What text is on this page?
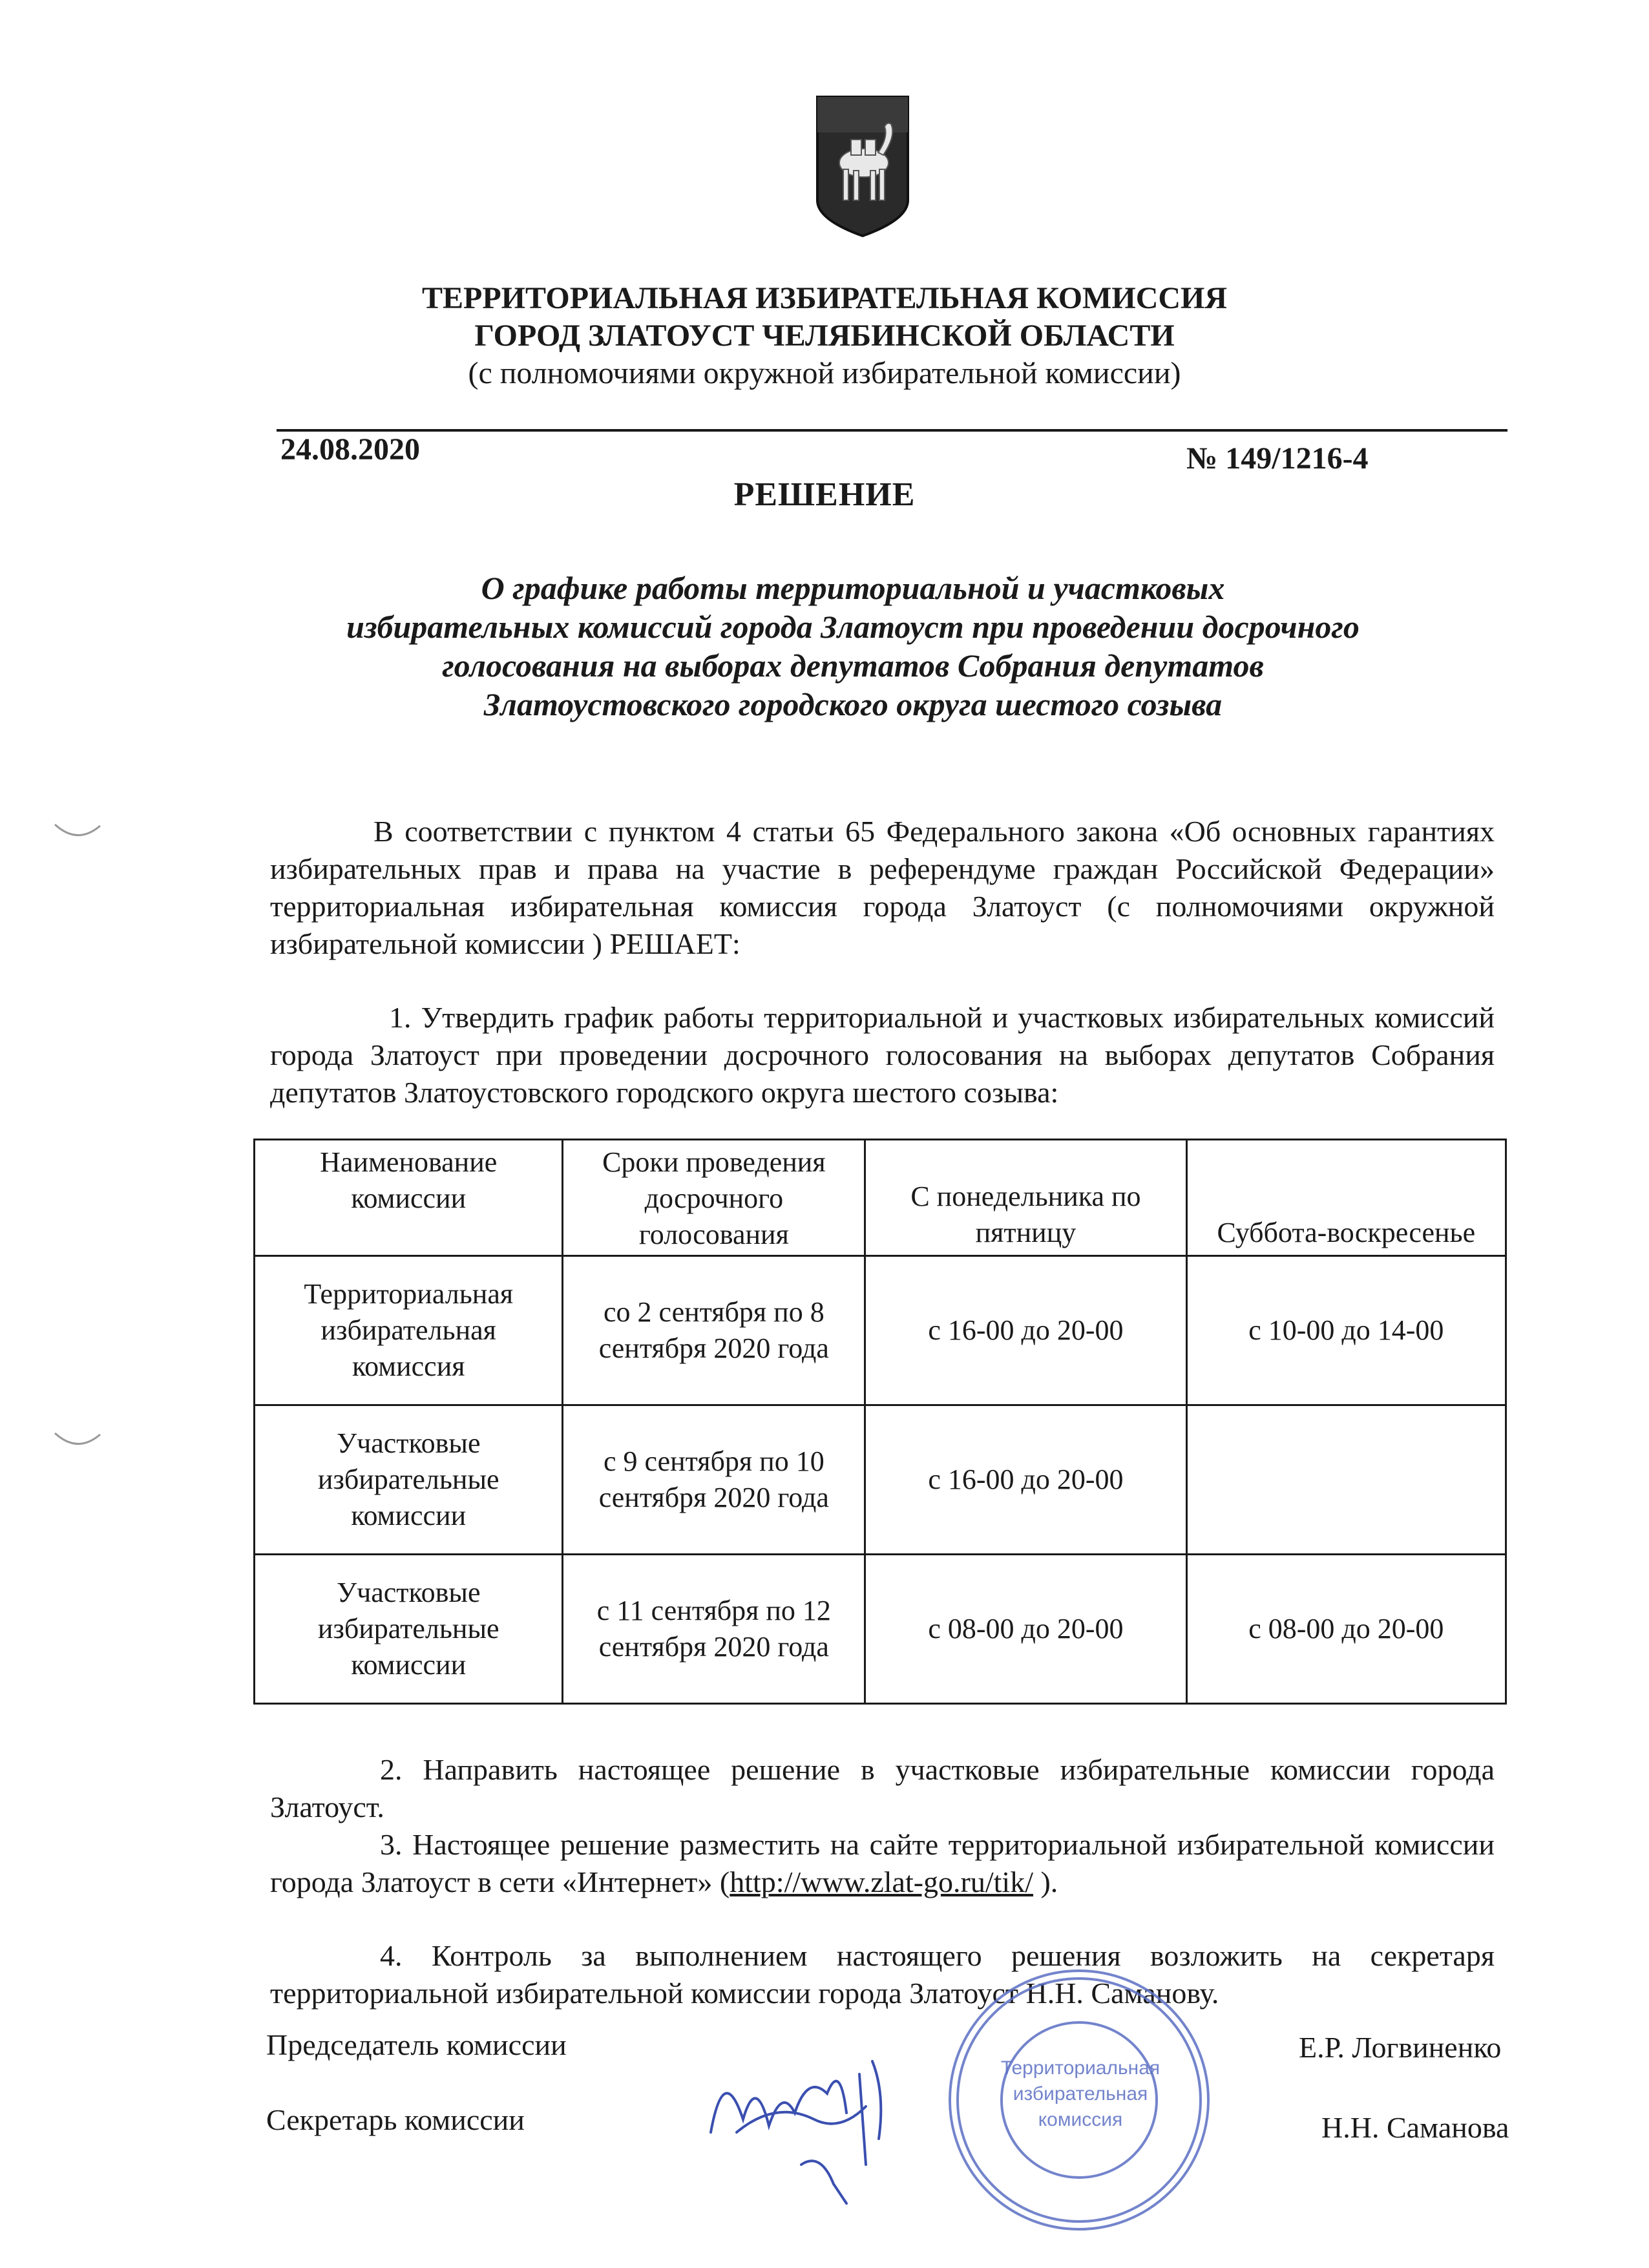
ТЕРРИТОРИАЛЬНАЯ ИЗБИРАТЕЛЬНАЯ КОМИССИЯ
ГОРОД ЗЛАТОУСТ ЧЕЛЯБИНСКОЙ ОБЛАСТИ
(с полномочиями окружной избирательной комиссии)
24.08.2020	№ 149/1216-4
РЕШЕНИЕ
О графике работы территориальной и участковых
избирательных комиссий города Златоуст при проведении досрочного
голосования на выборах депутатов Собрания депутатов
Златоустовского городского округа шестого созыва
В соответствии с пунктом 4 статьи 65 Федерального закона «Об основных гарантиях избирательных прав и права на участие в референдуме граждан Российской Федерации» территориальная избирательная комиссия города Златоуст (с полномочиями окружной избирательной комиссии ) РЕШАЕТ:
1. Утвердить график работы территориальной и участковых избирательных комиссий города Златоуст при проведении досрочного голосования на выборах депутатов Собрания депутатов Златоустовского городского округа шестого созыва:
Наименование комиссии	Сроки проведения досрочного голосования	С понедельника по пятницу	Суббота-воскресенье
Территориальная избирательная комиссия	со 2 сентября по 8 сентября 2020 года	с 16-00 до 20-00	с 10-00 до 14-00
Участковые избирательные комиссии	с 9 сентября по 10 сентября 2020 года	с 16-00 до 20-00	
Участковые избирательные комиссии	с 11 сентября по 12 сентября 2020 года	с 08-00 до 20-00	с 08-00 до 20-00
2. Направить настоящее решение в участковые избирательные комиссии города Златоуст.
3. Настоящее решение разместить на сайте территориальной избирательной комиссии города Златоуст в сети «Интернет» (http://www.zlat-go.ru/tik/ ).
4. Контроль за выполнением настоящего решения возложить на секретаря территориальной избирательной комиссии города Златоуст Н.Н. Саманову.
Председатель комиссии	Е.Р. Логвиненко
Секретарь комиссии	Н.Н. Саманова
Территориальная
избирательная
комиссия
